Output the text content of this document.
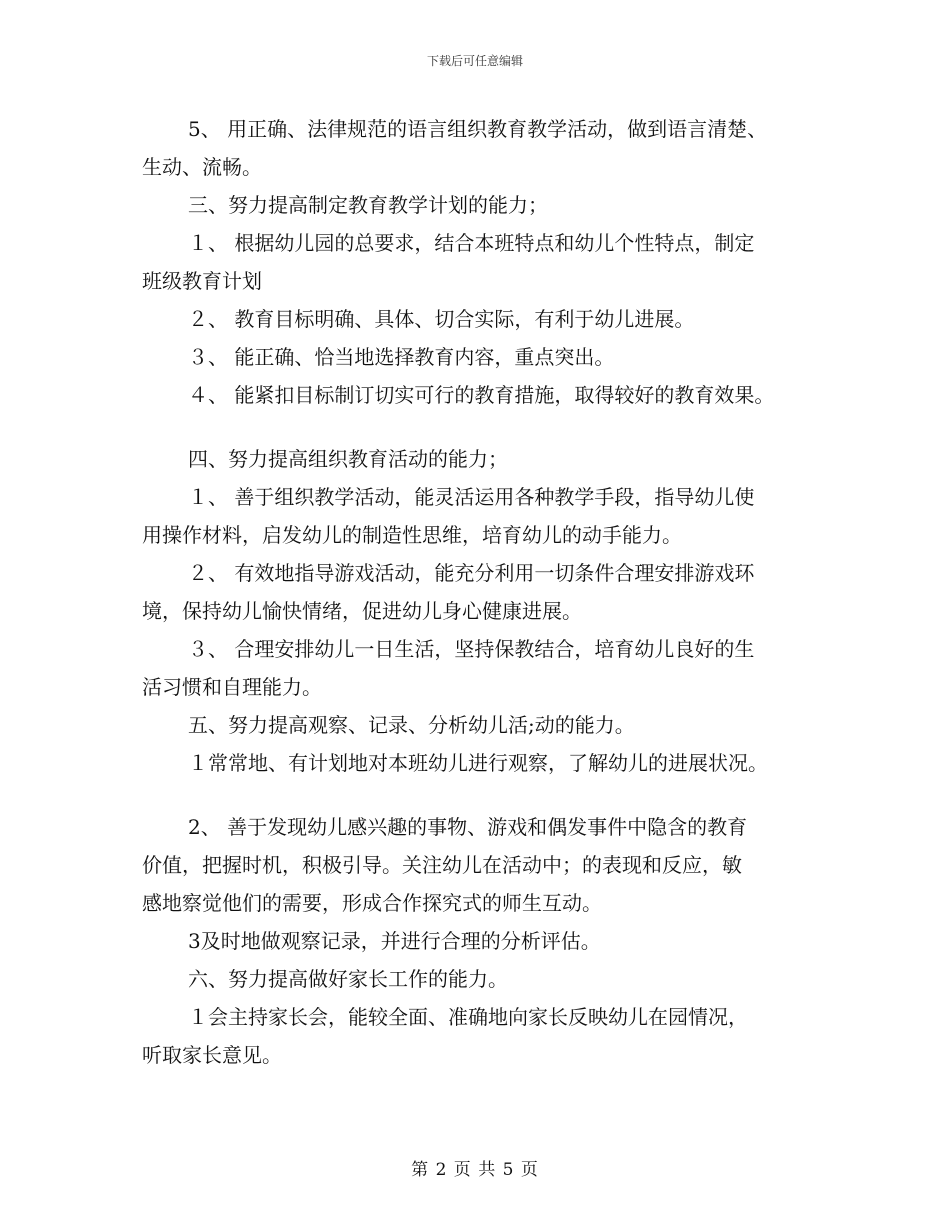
下载后可任意编辑

5、 用正确、法律规范的语言组织教育教学活动，做到语言清楚、

生动、流畅。

三、努力提高制定教育教学计划的能力；

１、 根据幼儿园的总要求，结合本班特点和幼儿个性特点，制定

班级教育计划

２、 教育目标明确、具体、切合实际，有利于幼儿进展。

３、 能正确、恰当地选择教育内容，重点突出。

４、 能紧扣目标制订切实可行的教育措施，取得较好的教育效果。

四、努力提高组织教育活动的能力；

１、 善于组织教学活动，能灵活运用各种教学手段，指导幼儿使

用操作材料，启发幼儿的制造性思维，培育幼儿的动手能力。

２、 有效地指导游戏活动，能充分利用一切条件合理安排游戏环

境，保持幼儿愉快情绪，促进幼儿身心健康进展。

３、 合理安排幼儿一日生活，坚持保教结合，培育幼儿良好的生

活习惯和自理能力。

五、努力提高观察、记录、分析幼儿活;动的能力。

１常常地、有计划地对本班幼儿进行观察，了解幼儿的进展状况。

2、 善于发现幼儿感兴趣的事物、游戏和偶发事件中隐含的教育

价值，把握时机，积极引导。关注幼儿在活动中；的表现和反应，敏

感地察觉他们的需要，形成合作探究式的师生互动。

3及时地做观察记录，并进行合理的分析评估。

六、努力提高做好家长工作的能力。

１会主持家长会，能较全面、准确地向家长反映幼儿在园情况，

听取家长意见。

第 2 页 共 5 页
